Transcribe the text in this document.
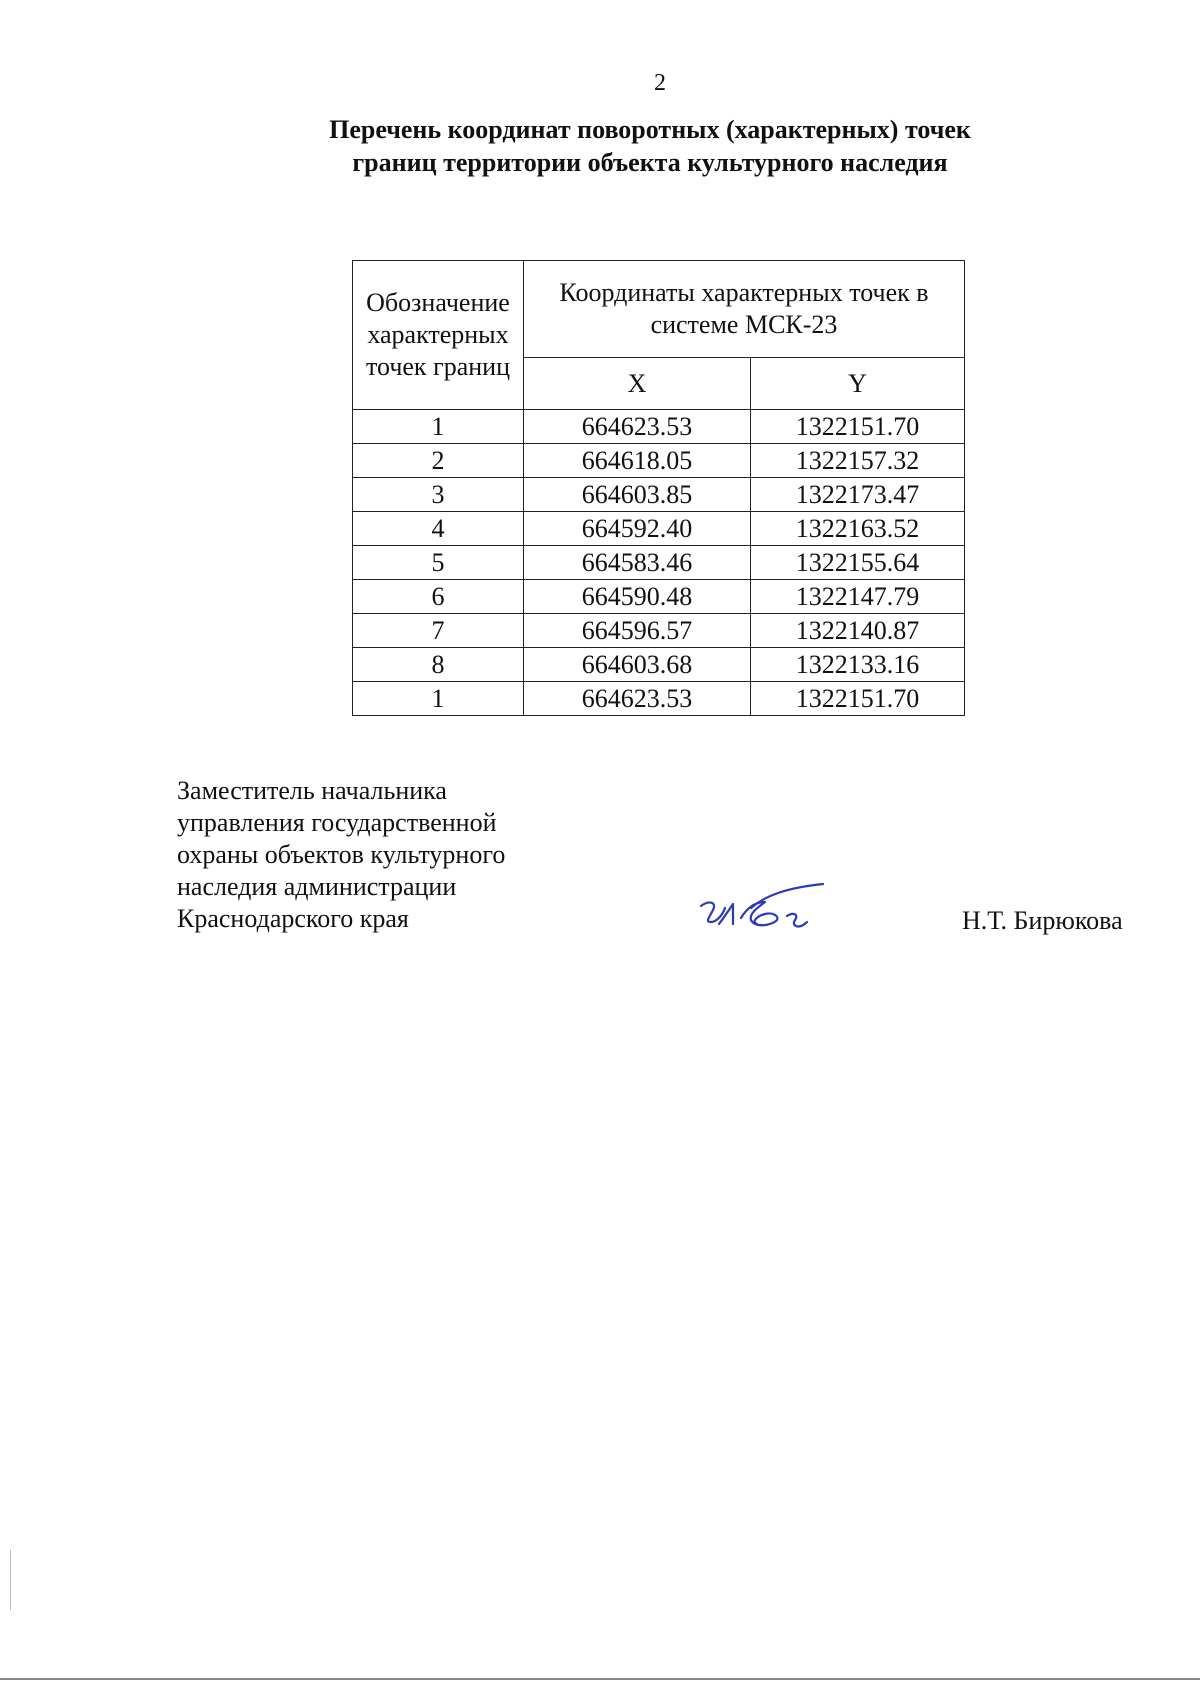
2
Перечень координат поворотных (характерных) точек
границ территории объекта культурного наследия
Обозначение
характерных
точек границ	Координаты характерных точек в
системе МСК-23	
	X	Y
1	664623.53	1322151.70
2	664618.05	1322157.32
3	664603.85	1322173.47
4	664592.40	1322163.52
5	664583.46	1322155.64
6	664590.48	1322147.79
7	664596.57	1322140.87
8	664603.68	1322133.16
1	664623.53	1322151.70
Заместитель начальника
управления государственной
охраны объектов культурного
наследия администрации
Краснодарского края	Н.Т. Бирюкова
